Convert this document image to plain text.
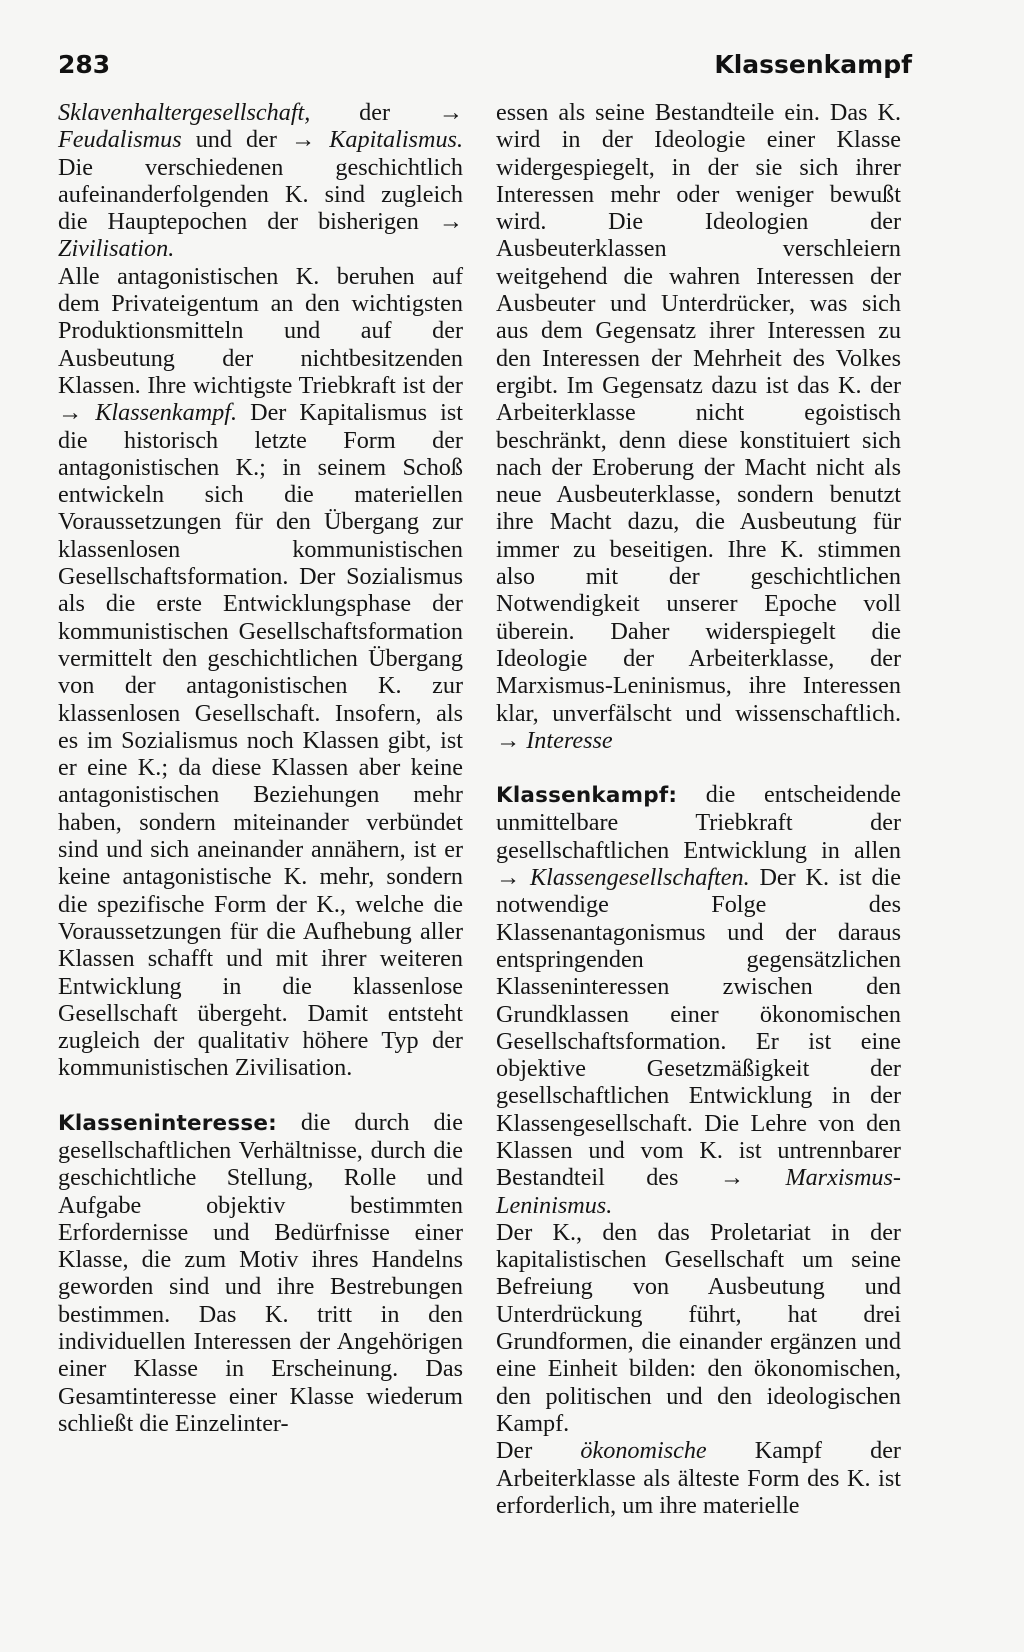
283	Klassenkampf

Sklavenhaltergesellschaft, der → Feudalismus und der → Kapitalismus. Die verschiedenen geschichtlich aufeinanderfolgenden K. sind zugleich die Hauptepochen der bisherigen → Zivilisation.

Alle antagonistischen K. beruhen auf dem Privateigentum an den wichtigsten Produktionsmitteln und auf der Ausbeutung der nichtbesitzenden Klassen. Ihre wichtigste Triebkraft ist der → Klassenkampf. Der Kapitalismus ist die historisch letzte Form der antagonistischen K.; in seinem Schoß entwickeln sich die materiellen Voraussetzungen für den Übergang zur klassenlosen kommunistischen Gesellschaftsformation. Der Sozialismus als die erste Entwicklungsphase der kommunistischen Gesellschaftsformation vermittelt den geschichtlichen Übergang von der antagonistischen K. zur klassenlosen Gesellschaft. Insofern, als es im Sozialismus noch Klassen gibt, ist er eine K.; da diese Klassen aber keine antagonistischen Beziehungen mehr haben, sondern miteinander verbündet sind und sich aneinander annähern, ist er keine antagonistische K. mehr, sondern die spezifische Form der K., welche die Voraussetzungen für die Aufhebung aller Klassen schafft und mit ihrer weiteren Entwicklung in die klassenlose Gesellschaft übergeht. Damit entsteht zugleich der qualitativ höhere Typ der kommunistischen Zivilisation.

Klasseninteresse: die durch die gesellschaftlichen Verhältnisse, durch die geschichtliche Stellung, Rolle und Aufgabe objektiv bestimmten Erfordernisse und Bedürfnisse einer Klasse, die zum Motiv ihres Handelns geworden sind und ihre Bestrebungen bestimmen. Das K. tritt in den individuellen Interessen der Angehörigen einer Klasse in Erscheinung. Das Gesamtinteresse einer Klasse wiederum schließt die Einzelinter-

essen als seine Bestandteile ein. Das K. wird in der Ideologie einer Klasse widergespiegelt, in der sie sich ihrer Interessen mehr oder weniger bewußt wird. Die Ideologien der Ausbeuterklassen verschleiern weitgehend die wahren Interessen der Ausbeuter und Unterdrücker, was sich aus dem Gegensatz ihrer Interessen zu den Interessen der Mehrheit des Volkes ergibt. Im Gegensatz dazu ist das K. der Arbeiterklasse nicht egoistisch beschränkt, denn diese konstituiert sich nach der Eroberung der Macht nicht als neue Ausbeuterklasse, sondern benutzt ihre Macht dazu, die Ausbeutung für immer zu beseitigen. Ihre K. stimmen also mit der geschichtlichen Notwendigkeit unserer Epoche voll überein. Daher widerspiegelt die Ideologie der Arbeiterklasse, der Marxismus-Leninismus, ihre Interessen klar, unverfälscht und wissenschaftlich. → Interesse

Klassenkampf: die entscheidende unmittelbare Triebkraft der gesellschaftlichen Entwicklung in allen → Klassengesellschaften. Der K. ist die notwendige Folge des Klassenantagonismus und der daraus entspringenden gegensätzlichen Klasseninteressen zwischen den Grundklassen einer ökonomischen Gesellschaftsformation. Er ist eine objektive Gesetzmäßigkeit der gesellschaftlichen Entwicklung in der Klassengesellschaft. Die Lehre von den Klassen und vom K. ist untrennbarer Bestandteil des → Marxismus-Leninismus.

Der K., den das Proletariat in der kapitalistischen Gesellschaft um seine Befreiung von Ausbeutung und Unterdrückung führt, hat drei Grundformen, die einander ergänzen und eine Einheit bilden: den ökonomischen, den politischen und den ideologischen Kampf.

Der ökonomische Kampf der Arbeiterklasse als älteste Form des K. ist erforderlich, um ihre materielle
